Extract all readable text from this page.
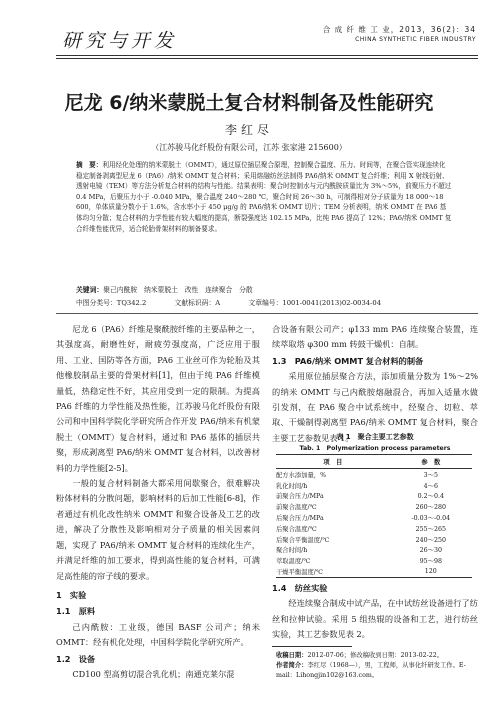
研究与开发
合 成 纤 维 工 业，2013，36(2)：34
CHINA SYNTHETIC FIBER INDUSTRY
尼龙 6/纳米蒙脱土复合材料制备及性能研究
李红尽
（江苏骏马化纤股份有限公司，江苏 张家港 215600）
摘　要：利用经化处理的纳米蒙脱土（OMMT），通过原位插层聚合原理，控制聚合温度、压力、时间等，在聚合管实现连续化稳定制备剥离型尼龙 6（PA6）/纳米 OMMT 复合材料；采用熔融纺丝法制得 PA6/纳米 OMMT 复合纤维；利用 X 射线衍射、透射电镜（TEM）等方法分析复合材料的结构与性能。结果表明：聚合时控制水与元内酰胺质量比为 3%～5%，前聚压力不超过 0.4 MPa，后聚压力小于 -0.040 MPa，聚合温度 240～280 ℃，聚合时间 26～30 h，可制得相对分子质量为 18 000～18 600，单体质量分数小于 1.6%，含水率小于 450 μg/g 的 PA6/纳米 OMMT 切片；TEM 分析表明，纳米 OMMT 在 PA6 基体均匀分散；复合材料的力学性能有较大幅度的提高，断裂强度达 102.15 MPa，比纯 PA6 提高了 12%；PA6/纳米 OMMT 复合纤维性能优异，适合轮胎骨架材料的制备要求。
关键词：聚己内酰胺　纳米蒙脱土　改性　连续聚合　分散
中图分类号：TQ342.2	文献标识码：A	文章编号：1001-0041(2013)02-0034-04

尼龙 6（PA6）纤维是聚酰胺纤维的主要品种之一，其强度高，耐磨性好，耐疲劳强度高，广泛应用于服用、工业、国防等各方面，PA6 工业丝可作为轮胎及其他橡胶制品主要的骨架材料[1]，但由于纯 PA6 纤维模量低，热稳定性不好，其应用受到一定的限制。为提高 PA6 纤维的力学性能及热性能，江苏骏马化纤股份有限公司和中国科学院化学研究所合作开发 PA6/纳米有机蒙脱土（OMMT）复合材料，通过和 PA6 基体的插层共聚，形成剥离型 PA6/纳米 OMMT 复合材料，以改善材料的力学性能[2-5]。

一般的复合材料制备大都采用间歇聚合，很难解决粉体材料的分散问题，影响材料的后加工性能[6-8]，作者通过有机化改性纳米 OMMT 和聚合设备及工艺的改进，解决了分散性及影响相对分子质量的相关因素问题，实现了 PA6/纳米 OMMT 复合材料的连续化生产，并满足纤维的加工要求，得到高性能的复合材料，可满足高性能的帘子线的要求。

1　实验
1.1　原料

己内酰胺：工业级，德国 BASF 公司产；纳米 OMMT：经有机化处理，中国科学院化学研究所产。

1.2　设备

CD100 型高剪切混合乳化机；南通克莱尔混

合设备有限公司产；φ133 mm PA6 连续聚合装置，连续萃取塔 φ300 mm 转鼓干燥机：自制。

1.3　PA6/纳米 OMMT 复合材料的制备

采用原位插层聚合方法，添加质量分数为 1%～2% 的纳米 OMMT 与己内酰胺熔融混合，再加入适量水做引发剂，在 PA6 聚合中试系统中，经聚合、切粒、萃取、干燥制得剥离型 PA6/纳米 OMMT 复合材料，聚合主要工艺参数见表 1。

表 1　聚合主要工艺参数
Tab. 1　Polymerization process parameters
项　目	参　数
配方水添加量，%	3～5
乳化时间/h	4～6
前聚合压力/MPa	0.2～0.4
前聚合温度/℃	260～280
后聚合压力/MPa	-0.03～-0.04
后聚合温度/℃	255～265
后聚合平衡温度/℃	240～250
聚合时间/h	26～30
萃取温度/℃	95～98
干燥平衡温度/℃	120
1.4　纺丝实验

经连续聚合制成中试产品，在中试纺丝设备进行了纺丝和拉伸试验。采用 5 组热辊的设备和工艺，进行纺丝实验，其工艺参数见表 2。

收稿日期：2012-07-06；修改稿收到日期：2013-02-22。
作者简介：李红尽（1968—），男，工程师，从事化纤研发工作。E-mail：Lihongjin102@163.com。
